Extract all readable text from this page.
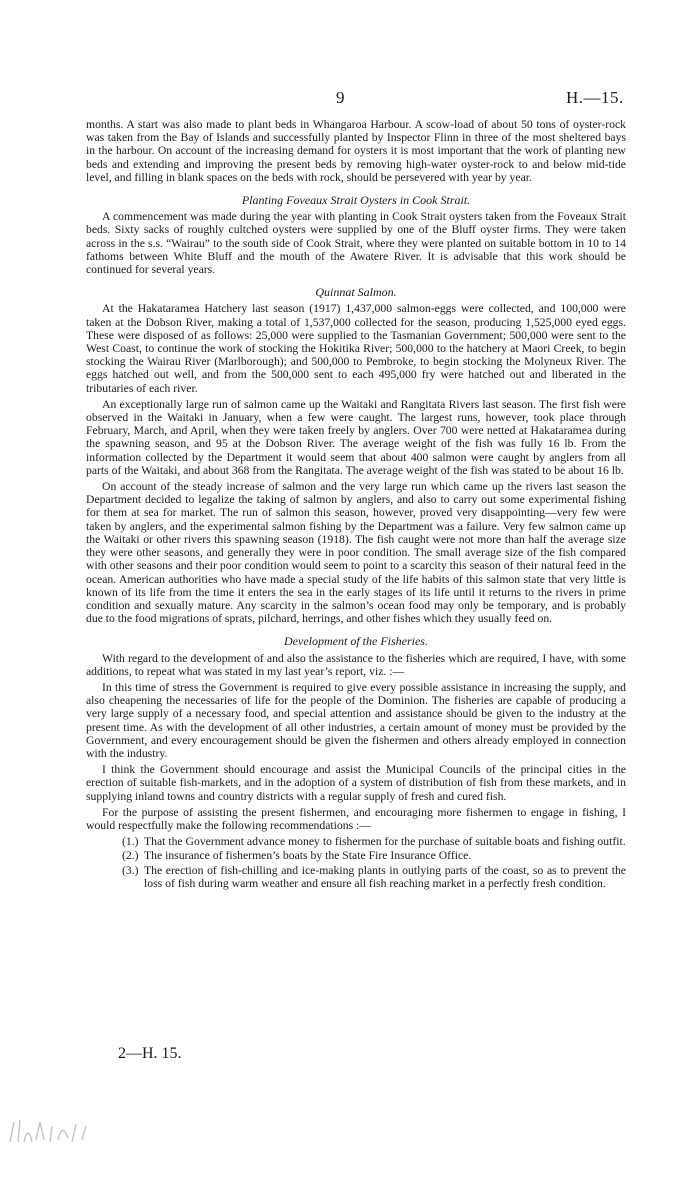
9	H.—15.

months. A start was also made to plant beds in Whangaroa Harbour. A scow-load of about 50 tons of oyster-rock was taken from the Bay of Islands and successfully planted by Inspector Flinn in three of the most sheltered bays in the harbour. On account of the increasing demand for oysters it is most important that the work of planting new beds and extending and improving the present beds by removing high-water oyster-rock to and below mid-tide level, and filling in blank spaces on the beds with rock, should be persevered with year by year.

Planting Foveaux Strait Oysters in Cook Strait.

A commencement was made during the year with planting in Cook Strait oysters taken from the Foveaux Strait beds. Sixty sacks of roughly cultched oysters were supplied by one of the Bluff oyster firms. They were taken across in the s.s. “Wairau” to the south side of Cook Strait, where they were planted on suitable bottom in 10 to 14 fathoms between White Bluff and the mouth of the Awatere River. It is advisable that this work should be continued for several years.

Quinnat Salmon.

At the Hakataramea Hatchery last season (1917) 1,437,000 salmon-eggs were collected, and 100,000 were taken at the Dobson River, making a total of 1,537,000 collected for the season, producing 1,525,000 eyed eggs. These were disposed of as follows: 25,000 were supplied to the Tasmanian Government; 500,000 were sent to the West Coast, to continue the work of stocking the Hokitika River; 500,000 to the hatchery at Maori Creek, to begin stocking the Wairau River (Marlborough); and 500,000 to Pembroke, to begin stocking the Molyneux River. The eggs hatched out well, and from the 500,000 sent to each 495,000 fry were hatched out and liberated in the tributaries of each river.

An exceptionally large run of salmon came up the Waitaki and Rangitata Rivers last season. The first fish were observed in the Waitaki in January, when a few were caught. The largest runs, however, took place through February, March, and April, when they were taken freely by anglers. Over 700 were netted at Hakataramea during the spawning season, and 95 at the Dobson River. The average weight of the fish was fully 16 lb. From the information collected by the Department it would seem that about 400 salmon were caught by anglers from all parts of the Waitaki, and about 368 from the Rangitata. The average weight of the fish was stated to be about 16 lb.

On account of the steady increase of salmon and the very large run which came up the rivers last season the Department decided to legalize the taking of salmon by anglers, and also to carry out some experimental fishing for them at sea for market. The run of salmon this season, however, proved very disappointing—very few were taken by anglers, and the experimental salmon fishing by the Department was a failure. Very few salmon came up the Waitaki or other rivers this spawning season (1918). The fish caught were not more than half the average size they were other seasons, and generally they were in poor condition. The small average size of the fish compared with other seasons and their poor condition would seem to point to a scarcity this season of their natural feed in the ocean. American authorities who have made a special study of the life habits of this salmon state that very little is known of its life from the time it enters the sea in the early stages of its life until it returns to the rivers in prime condition and sexually mature. Any scarcity in the salmon’s ocean food may only be temporary, and is probably due to the food migrations of sprats, pilchard, herrings, and other fishes which they usually feed on.

Development of the Fisheries.

With regard to the development of and also the assistance to the fisheries which are required, I have, with some additions, to repeat what was stated in my last year’s report, viz. :—

In this time of stress the Government is required to give every possible assistance in increasing the supply, and also cheapening the necessaries of life for the people of the Dominion. The fisheries are capable of producing a very large supply of a necessary food, and special attention and assistance should be given to the industry at the present time. As with the development of all other industries, a certain amount of money must be provided by the Government, and every encouragement should be given the fishermen and others already employed in connection with the industry.

I think the Government should encourage and assist the Municipal Councils of the principal cities in the erection of suitable fish-markets, and in the adoption of a system of distribution of fish from these markets, and in supplying inland towns and country districts with a regular supply of fresh and cured fish.

For the purpose of assisting the present fishermen, and encouraging more fishermen to engage in fishing, I would respectfully make the following recommendations :—

(1.) That the Government advance money to fishermen for the purchase of suitable boats and fishing outfit.
(2.) The insurance of fishermen’s boats by the State Fire Insurance Office.
(3.) The erection of fish-chilling and ice-making plants in outlying parts of the coast, so as to prevent the loss of fish during warm weather and ensure all fish reaching market in a perfectly fresh condition.
2—H. 15.
